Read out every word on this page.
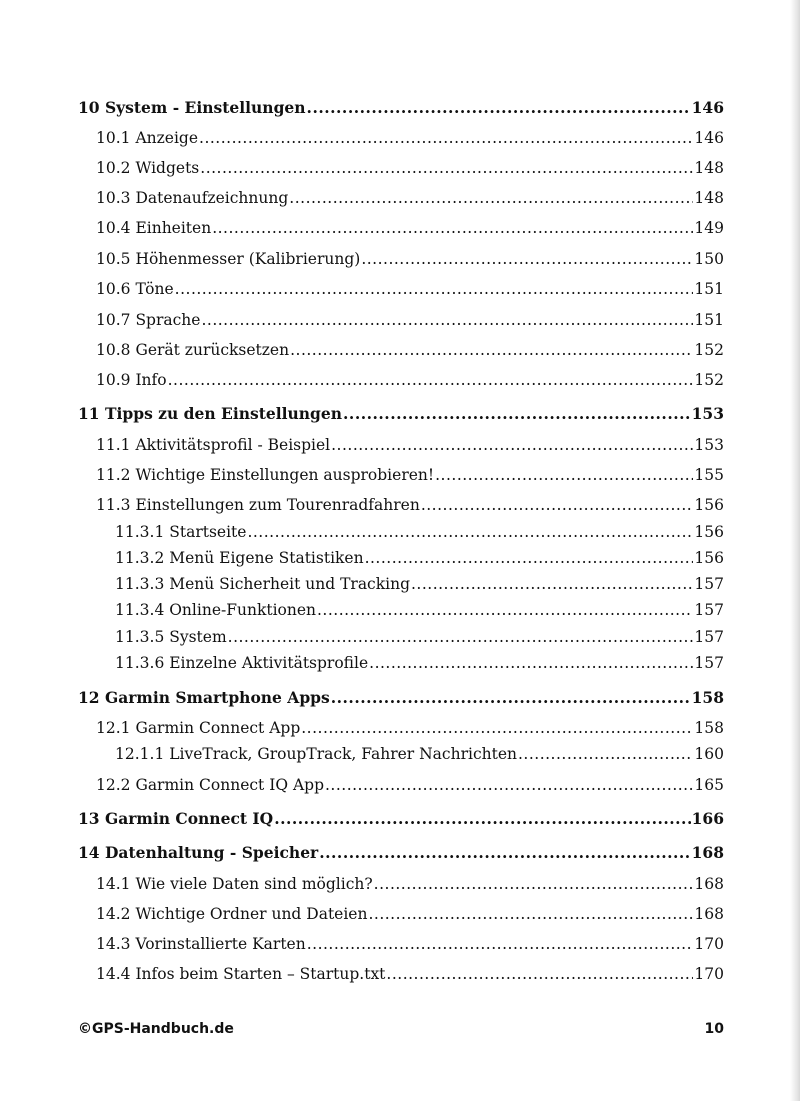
10 System - Einstellungen .....	146
10.1 Anzeige .....	146
10.2 Widgets .....	148
10.3 Datenaufzeichnung .....	148
10.4 Einheiten .....	149
10.5 Höhenmesser (Kalibrierung) .....	150
10.6 Töne .....	151
10.7 Sprache .....	151
10.8 Gerät zurücksetzen .....	152
10.9 Info .....	152
11 Tipps zu den Einstellungen .....	153
11.1 Aktivitätsprofil - Beispiel .....	153
11.2 Wichtige Einstellungen ausprobieren! .....	155
11.3 Einstellungen zum Tourenradfahren .....	156
11.3.1 Startseite .....	156
11.3.2 Menü Eigene Statistiken .....	156
11.3.3 Menü Sicherheit und Tracking .....	157
11.3.4 Online-Funktionen .....	157
11.3.5 System .....	157
11.3.6 Einzelne Aktivitätsprofile .....	157
12 Garmin Smartphone Apps .....	158
12.1 Garmin Connect App .....	158
12.1.1 LiveTrack, GroupTrack, Fahrer Nachrichten .....	160
12.2 Garmin Connect IQ App .....	165
13 Garmin Connect IQ .....	166
14 Datenhaltung - Speicher .....	168
14.1 Wie viele Daten sind möglich? .....	168
14.2 Wichtige Ordner und Dateien .....	168
14.3 Vorinstallierte Karten .....	170
14.4 Infos beim Starten – Startup.txt .....	170
©GPS-Handbuch.de	10
